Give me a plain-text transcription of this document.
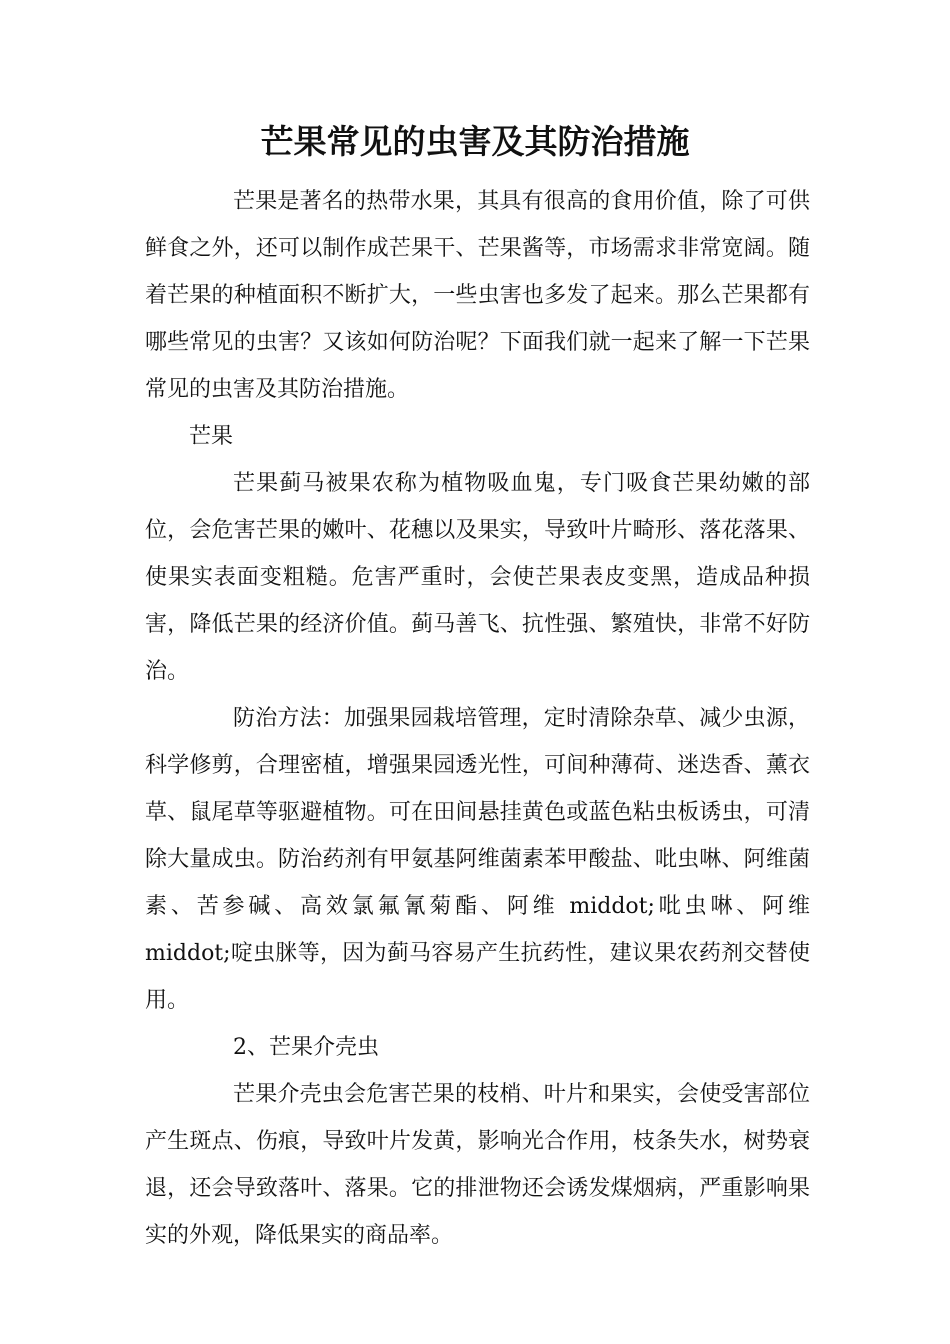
芒果常见的虫害及其防治措施

芒果是著名的热带水果，其具有很高的食用价值，除了可供鲜食之外，还可以制作成芒果干、芒果酱等，市场需求非常宽阔。随着芒果的种植面积不断扩大，一些虫害也多发了起来。那么芒果都有哪些常见的虫害？又该如何防治呢？下面我们就一起来了解一下芒果常见的虫害及其防治措施。

芒果

芒果蓟马被果农称为植物吸血鬼，专门吸食芒果幼嫩的部位，会危害芒果的嫩叶、花穗以及果实，导致叶片畸形、落花落果、使果实表面变粗糙。危害严重时，会使芒果表皮变黑，造成品种损害，降低芒果的经济价值。蓟马善飞、抗性强、繁殖快，非常不好防治。

防治方法：加强果园栽培管理，定时清除杂草、减少虫源，科学修剪，合理密植，增强果园透光性，可间种薄荷、迷迭香、薰衣草、鼠尾草等驱避植物。可在田间悬挂黄色或蓝色粘虫板诱虫，可清除大量成虫。防治药剂有甲氨基阿维菌素苯甲酸盐、吡虫啉、阿维菌素、苦参碱、高效氯氟氰菊酯、阿维 middot;吡虫啉、阿维 middot;啶虫脒等，因为蓟马容易产生抗药性，建议果农药剂交替使用。

2、芒果介壳虫

芒果介壳虫会危害芒果的枝梢、叶片和果实，会使受害部位产生斑点、伤痕，导致叶片发黄，影响光合作用，枝条失水，树势衰退，还会导致落叶、落果。它的排泄物还会诱发煤烟病，严重影响果实的外观，降低果实的商品率。
